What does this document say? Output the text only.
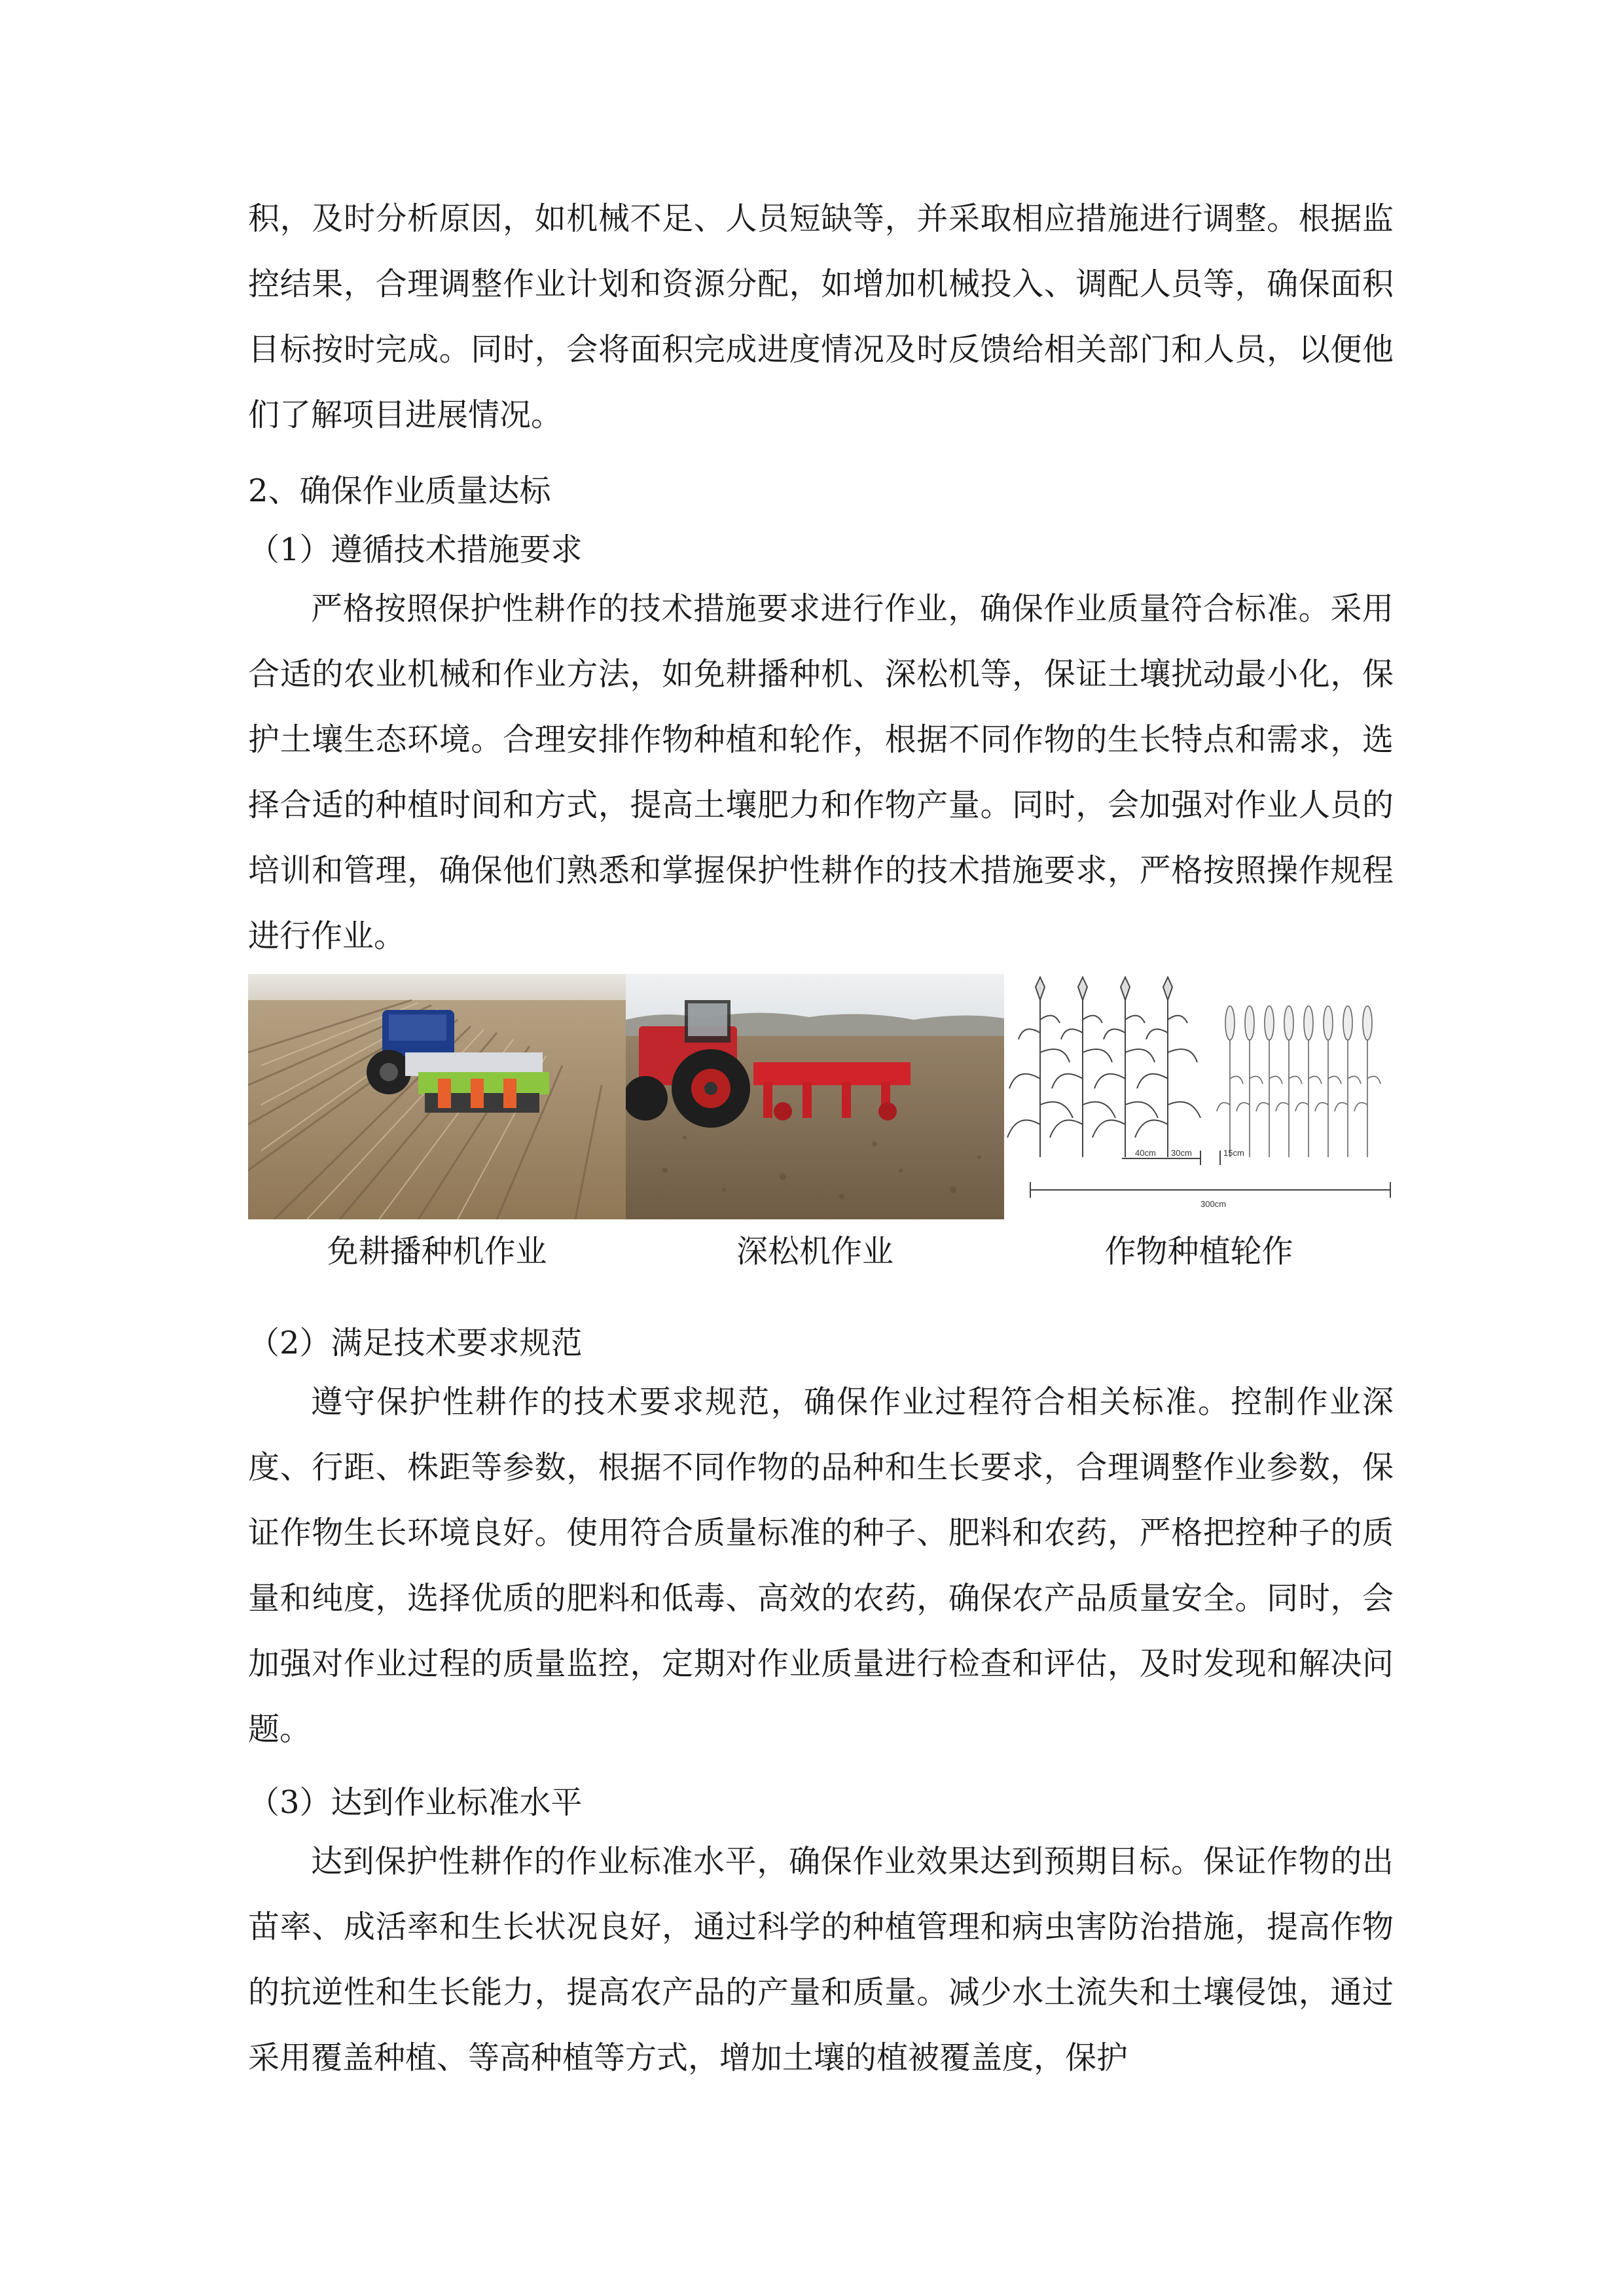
积，及时分析原因，如机械不足、人员短缺等，并采取相应措施进行调整。根据监控结果，合理调整作业计划和资源分配，如增加机械投入、调配人员等，确保面积目标按时完成。同时，会将面积完成进度情况及时反馈给相关部门和人员，以便他们了解项目进展情况。

2、确保作业质量达标
（1）遵循技术措施要求

严格按照保护性耕作的技术措施要求进行作业，确保作业质量符合标准。采用合适的农业机械和作业方法，如免耕播种机、深松机等，保证土壤扰动最小化，保护土壤生态环境。合理安排作物种植和轮作，根据不同作物的生长特点和需求，选择合适的种植时间和方式，提高土壤肥力和作物产量。同时，会加强对作业人员的培训和管理，确保他们熟悉和掌握保护性耕作的技术措施要求，严格按照操作规程进行作业。

40cm 30cm	15cm
300cm
免耕播种机作业	深松机作业	作物种植轮作
（2）满足技术要求规范

遵守保护性耕作的技术要求规范，确保作业过程符合相关标准。控制作业深度、行距、株距等参数，根据不同作物的品种和生长要求，合理调整作业参数，保证作物生长环境良好。使用符合质量标准的种子、肥料和农药，严格把控种子的质量和纯度，选择优质的肥料和低毒、高效的农药，确保农产品质量安全。同时，会加强对作业过程的质量监控，定期对作业质量进行检查和评估，及时发现和解决问题。

（3）达到作业标准水平

达到保护性耕作的作业标准水平，确保作业效果达到预期目标。保证作物的出苗率、成活率和生长状况良好，通过科学的种植管理和病虫害防治措施，提高作物的抗逆性和生长能力，提高农产品的产量和质量。减少水土流失和土壤侵蚀，通过采用覆盖种植、等高种植等方式，增加土壤的植被覆盖度，保护
